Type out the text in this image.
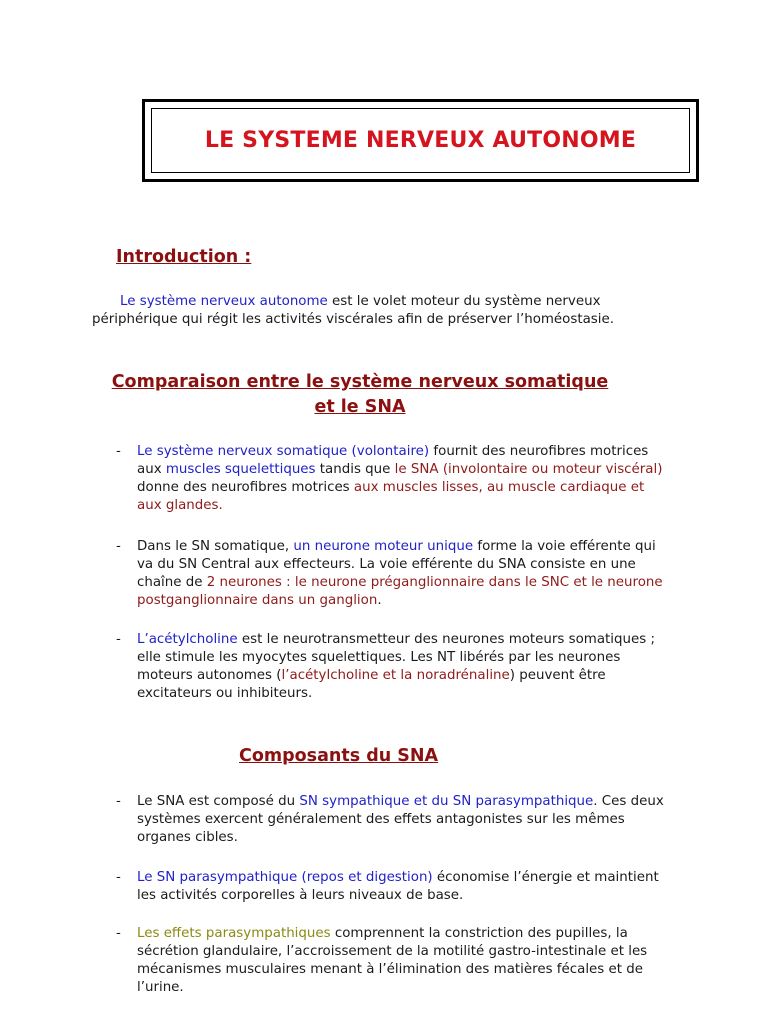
LE SYSTEME NERVEUX AUTONOME
Introduction :
Le système nerveux autonome est le volet moteur du système nerveux
périphérique qui régit les activités viscérales afin de préserver l’homéostasie.
Comparaison entre le système nerveux somatique
et le SNA
- Le système nerveux somatique (volontaire) fournit des neurofibres motrices
aux muscles squelettiques tandis que le SNA (involontaire ou moteur viscéral)
donne des neurofibres motrices aux muscles lisses, au muscle cardiaque et
aux glandes.
- Dans le SN somatique, un neurone moteur unique forme la voie efférente qui
va du SN Central aux effecteurs. La voie efférente du SNA consiste en une
chaîne de 2 neurones : le neurone préganglionnaire dans le SNC et le neurone
postganglionnaire dans un ganglion.
- L’acétylcholine est le neurotransmetteur des neurones moteurs somatiques ;
elle stimule les myocytes squelettiques. Les NT libérés par les neurones
moteurs autonomes (l’acétylcholine et la noradrénaline) peuvent être
excitateurs ou inhibiteurs.
Composants du SNA
- Le SNA est composé du SN sympathique et du SN parasympathique. Ces deux
systèmes exercent généralement des effets antagonistes sur les mêmes
organes cibles.
- Le SN parasympathique (repos et digestion) économise l’énergie et maintient
les activités corporelles à leurs niveaux de base.
- Les effets parasympathiques comprennent la constriction des pupilles, la
sécrétion glandulaire, l’accroissement de la motilité gastro-intestinale et les
mécanismes musculaires menant à l’élimination des matières fécales et de
l’urine.
